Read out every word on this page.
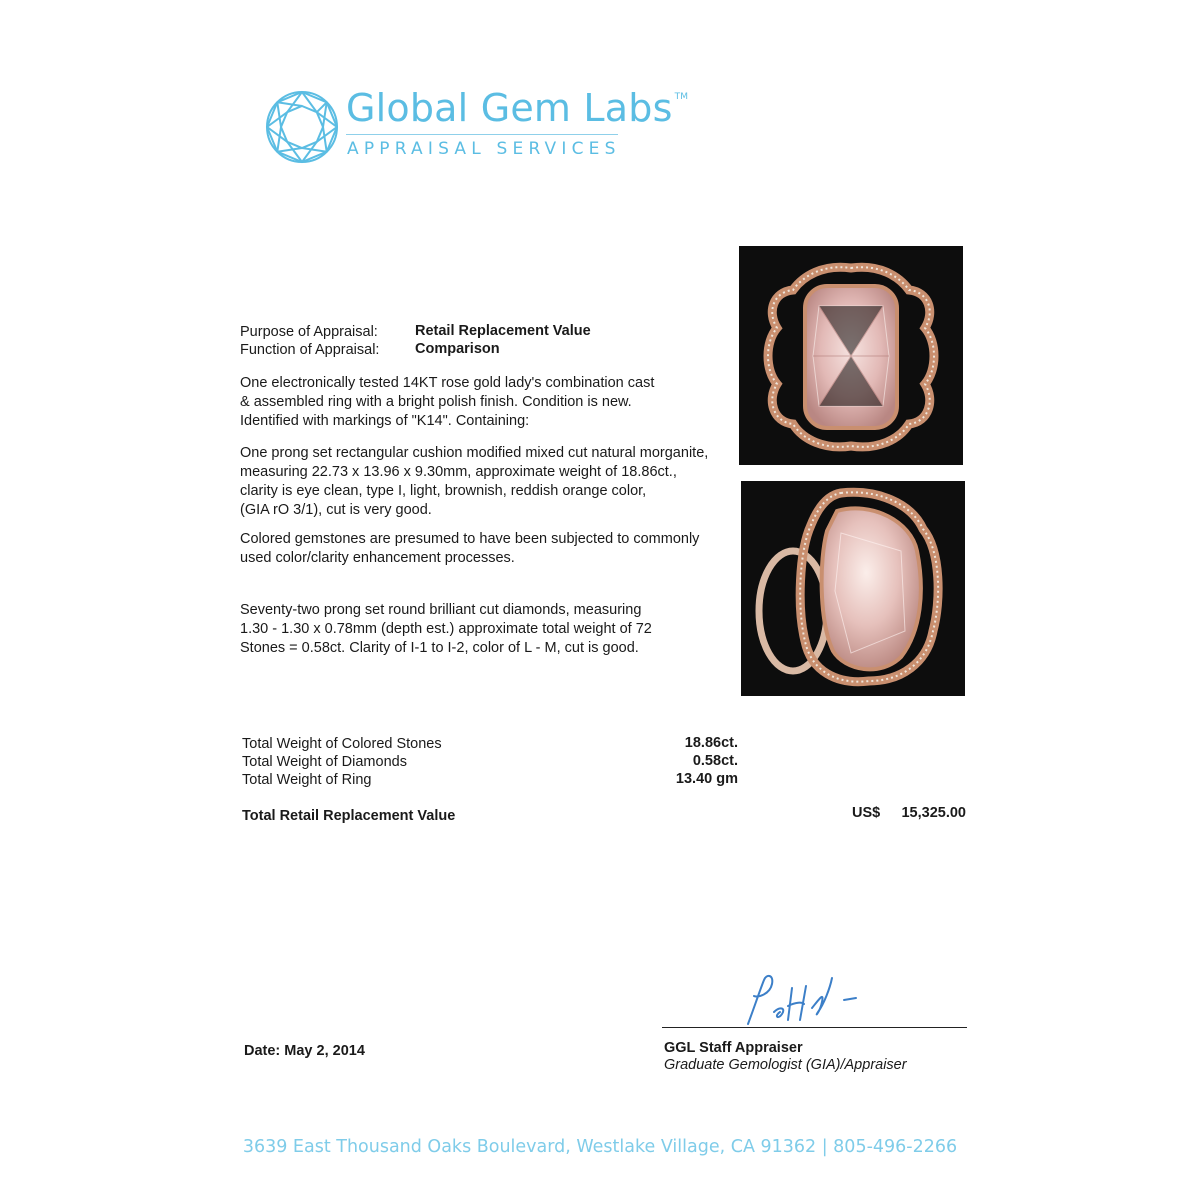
Global Gem Labs ™
APPRAISAL SERVICES
Purpose of Appraisal:	Retail Replacement Value
Function of Appraisal: Comparison
One electronically tested 14KT rose gold lady's combination cast
& assembled ring with a bright polish finish. Condition is new.
Identified with markings of "K14". Containing:
One prong set rectangular cushion modified mixed cut natural morganite,
measuring 22.73 x 13.96 x 9.30mm, approximate weight of 18.86ct.,
clarity is eye clean, type I, light, brownish, reddish orange color,
(GIA rO 3/1), cut is very good.
Colored gemstones are presumed to have been subjected to commonly
used color/clarity enhancement processes.
Seventy-two prong set round brilliant cut diamonds, measuring
1.30 - 1.30 x 0.78mm (depth est.) approximate total weight of 72
Stones = 0.58ct. Clarity of I-1 to I-2, color of L - M, cut is good.
Total Weight of Colored Stones	18.86ct.
Total Weight of Diamonds	0.58ct.
Total Weight of Ring	13.40 gm
Total Retail Replacement Value	US$	15,325.00
GGL Staff Appraiser
Graduate Gemologist (GIA)/Appraiser
Date: May 2, 2014
3639 East Thousand Oaks Boulevard, Westlake Village, CA 91362 | 805-496-2266
